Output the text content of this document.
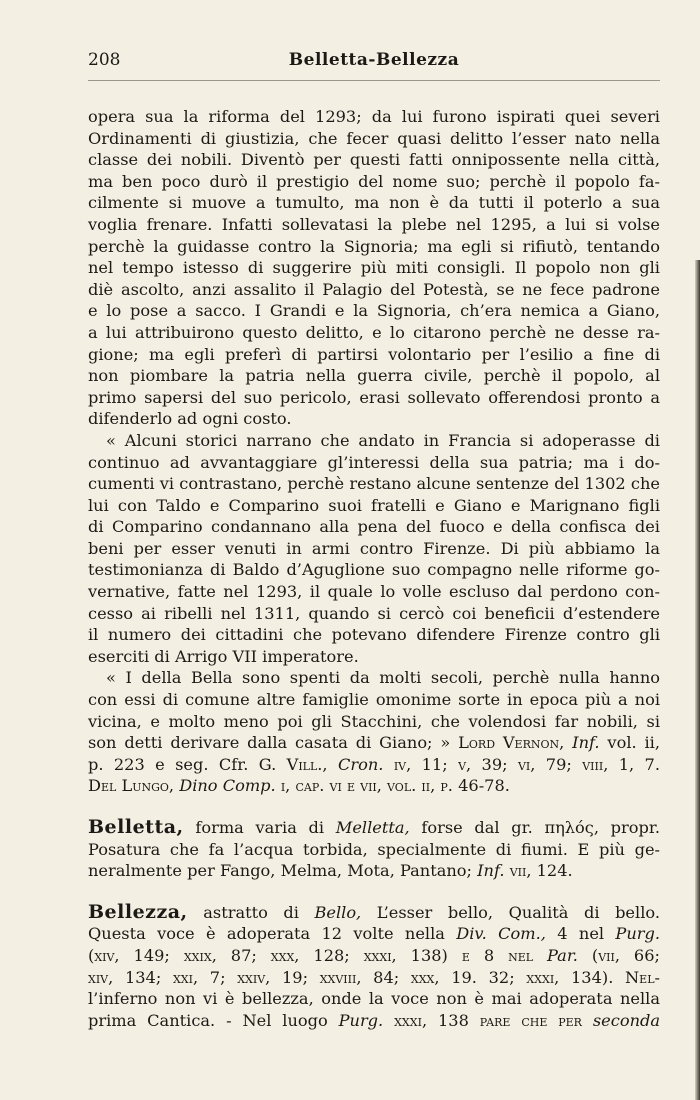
208	Belletta-Bellezza

opera sua la riforma del 1293; da lui furono ispirati quei severi
Ordinamenti di giustizia, che fecer quasi delitto l’esser nato nella
classe dei nobili. Diventò per questi fatti onnipossente nella città,
ma ben poco durò il prestigio del nome suo; perchè il popolo fa-
cilmente si muove a tumulto, ma non è da tutti il poterlo a sua
voglia frenare. Infatti sollevatasi la plebe nel 1295, a lui si volse
perchè la guidasse contro la Signoria; ma egli si rifiutò, tentando
nel tempo istesso di suggerire più miti consigli. Il popolo non gli
diè ascolto, anzi assalito il Palagio del Potestà, se ne fece padrone
e lo pose a sacco. I Grandi e la Signoria, ch’era nemica a Giano,
a lui attribuirono questo delitto, e lo citarono perchè ne desse ra-
gione; ma egli preferì di partirsi volontario per l’esilio a fine di
non piombare la patria nella guerra civile, perchè il popolo, al
primo sapersi del suo pericolo, erasi sollevato offerendosi pronto a
difenderlo ad ogni costo.

« Alcuni storici narrano che andato in Francia si adoperasse di
continuo ad avvantaggiare gl’interessi della sua patria; ma i do-
cumenti vi contrastano, perchè restano alcune sentenze del 1302 che
lui con Taldo e Comparino suoi fratelli e Giano e Marignano figli
di Comparino condannano alla pena del fuoco e della confisca dei
beni per esser venuti in armi contro Firenze. Di più abbiamo la
testimonianza di Baldo d’Aguglione suo compagno nelle riforme go-
vernative, fatte nel 1293, il quale lo volle escluso dal perdono con-
cesso ai ribelli nel 1311, quando si cercò coi beneficii d’estendere
il numero dei cittadini che potevano difendere Firenze contro gli
eserciti di Arrigo VII imperatore.

« I della Bella sono spenti da molti secoli, perchè nulla hanno
con essi di comune altre famiglie omonime sorte in epoca più a noi
vicina, e molto meno poi gli Stacchini, che volendosi far nobili, si
son detti derivare dalla casata di Giano; » Lord Vernon, Inf. vol. ii,
p. 223 e seg. Cfr. G. Vill., Cron. iv, 11; v, 39; vi, 79; viii, 1, 7.
Del Lungo, Dino Comp. i, cap. vi e vii, vol. ii, p. 46-78.

Belletta, forma varia di Melletta, forse dal gr. πηλός, propr.
Posatura che fa l’acqua torbida, specialmente di fiumi. E più ge-
neralmente per Fango, Melma, Mota, Pantano; Inf. vii, 124.

Bellezza, astratto di Bello, L’esser bello, Qualità di bello.
Questa voce è adoperata 12 volte nella Div. Com., 4 nel Purg.
(xiv, 149; xxix, 87; xxx, 128; xxxi, 138) e 8 nel Par. (vii, 66;
xiv, 134; xxi, 7; xxiv, 19; xxviii, 84; xxx, 19. 32; xxxi, 134). Nel-
l’inferno non vi è bellezza, onde la voce non è mai adoperata nella
prima Cantica. - Nel luogo Purg. xxxi, 138 pare che per seconda
